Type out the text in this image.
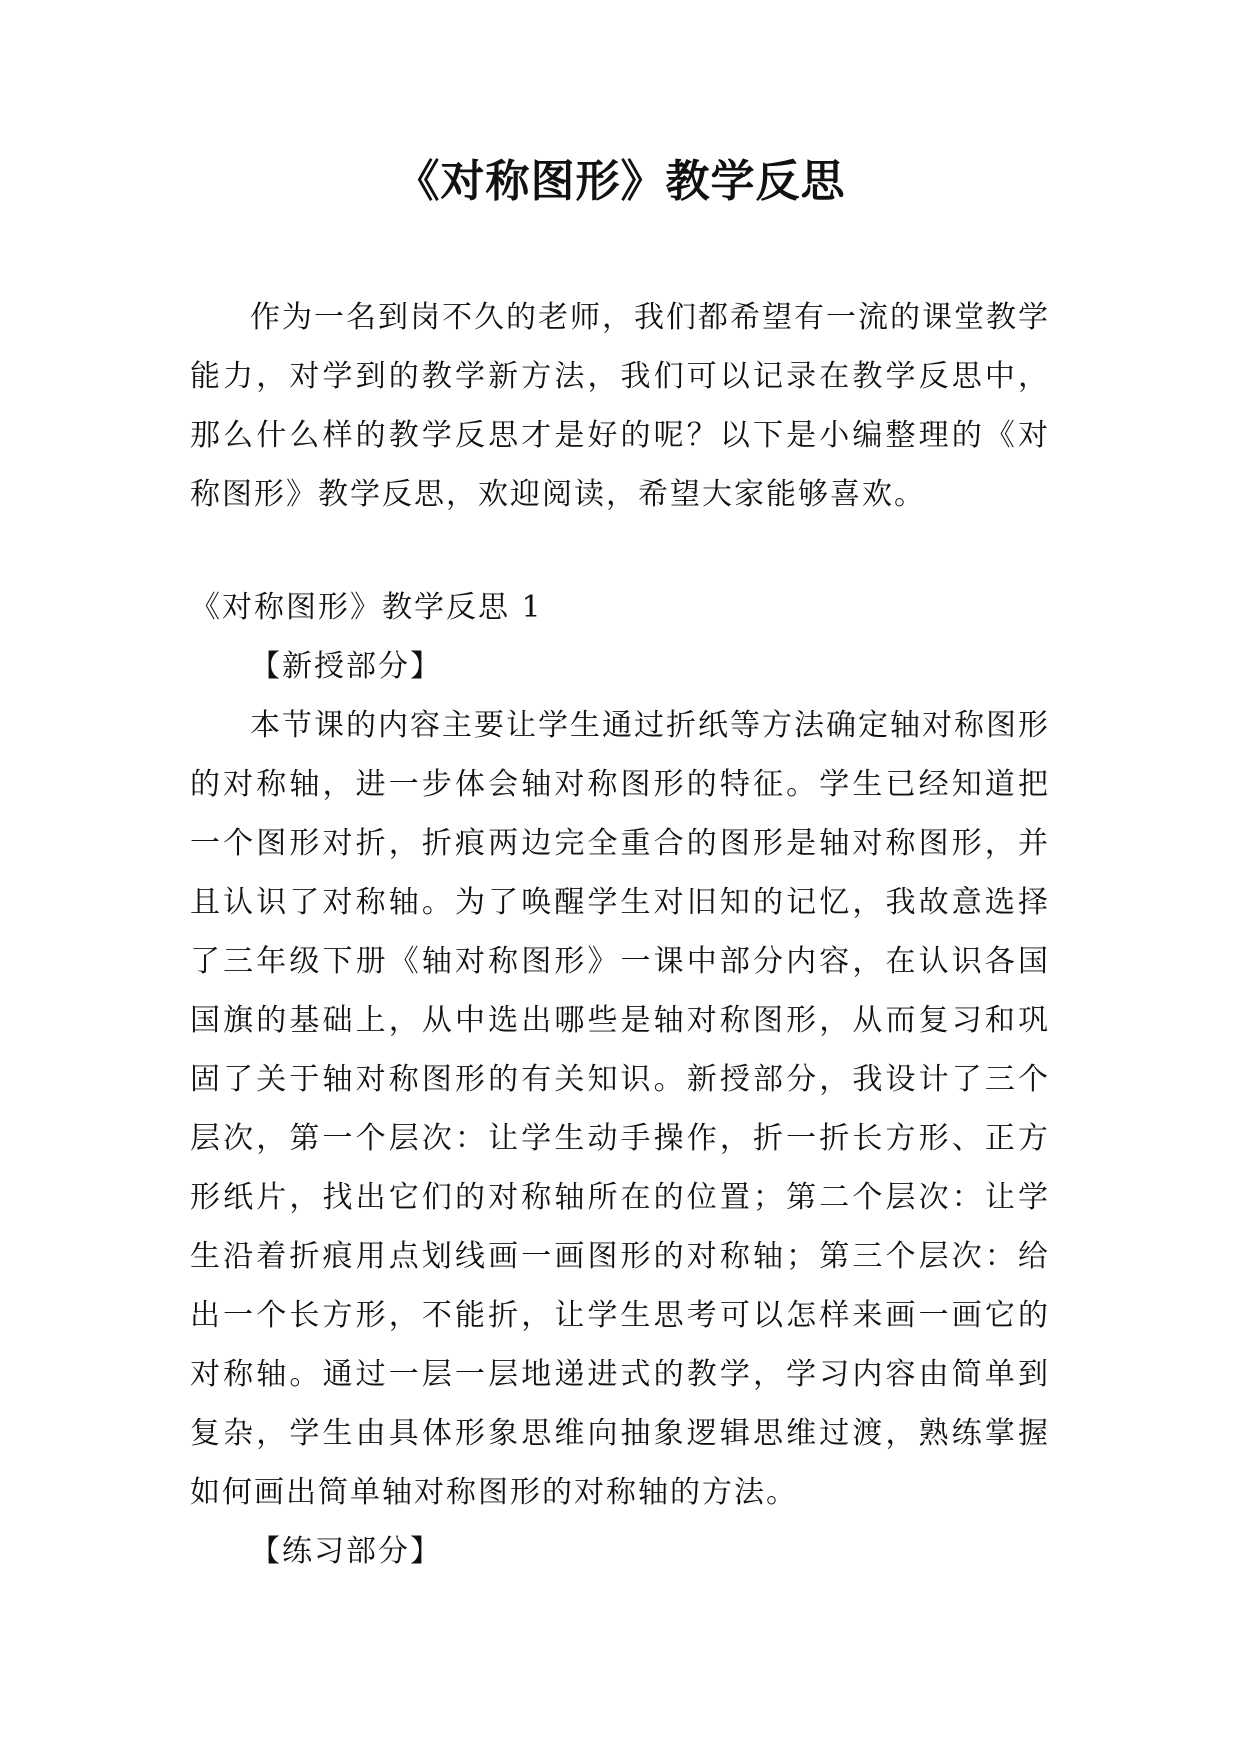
《对称图形》教学反思

作为一名到岗不久的老师，我们都希望有一流的课堂教学能力，对学到的教学新方法，我们可以记录在教学反思中，那么什么样的教学反思才是好的呢？以下是小编整理的《对称图形》教学反思，欢迎阅读，希望大家能够喜欢。

《对称图形》教学反思 1

【新授部分】

本节课的内容主要让学生通过折纸等方法确定轴对称图形的对称轴，进一步体会轴对称图形的特征。学生已经知道把一个图形对折，折痕两边完全重合的图形是轴对称图形，并且认识了对称轴。为了唤醒学生对旧知的记忆，我故意选择了三年级下册《轴对称图形》一课中部分内容，在认识各国国旗的基础上，从中选出哪些是轴对称图形，从而复习和巩固了关于轴对称图形的有关知识。新授部分，我设计了三个层次，第一个层次：让学生动手操作，折一折长方形、正方形纸片，找出它们的对称轴所在的位置；第二个层次：让学生沿着折痕用点划线画一画图形的对称轴；第三个层次：给出一个长方形，不能折，让学生思考可以怎样来画一画它的对称轴。通过一层一层地递进式的教学，学习内容由简单到复杂，学生由具体形象思维向抽象逻辑思维过渡，熟练掌握如何画出简单轴对称图形的对称轴的方法。

【练习部分】
